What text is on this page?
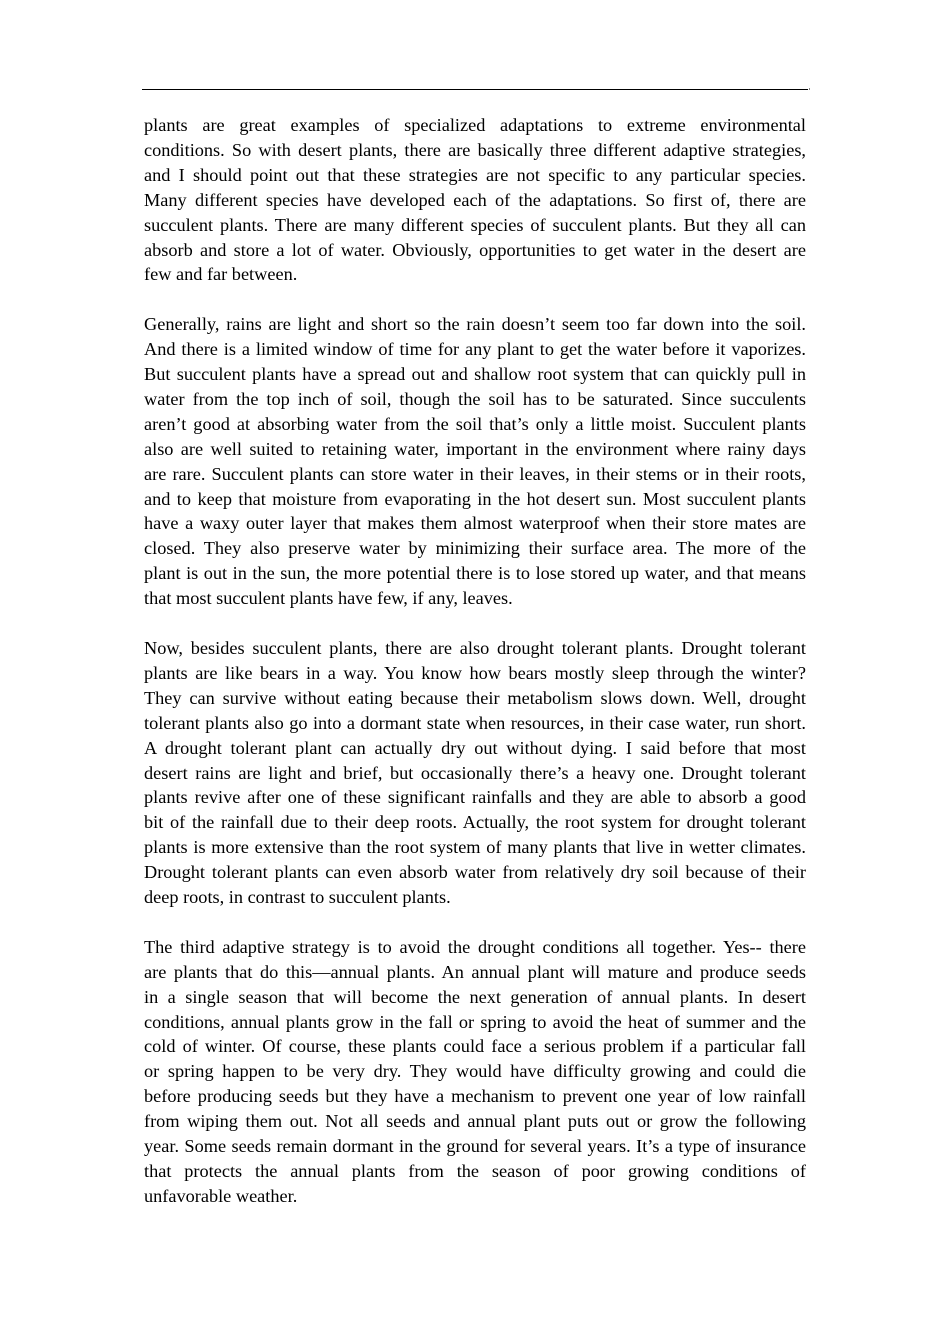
plants are great examples of specialized adaptations to extreme environmental
conditions. So with desert plants, there are basically three different adaptive strategies,
and I should point out that these strategies are not specific to any particular species.
Many different species have developed each of the adaptations. So first of, there are
succulent plants. There are many different species of succulent plants. But they all can
absorb and store a lot of water. Obviously, opportunities to get water in the desert are
few and far between.
Generally, rains are light and short so the rain doesn’t seem too far down into the soil.
And there is a limited window of time for any plant to get the water before it vaporizes.
But succulent plants have a spread out and shallow root system that can quickly pull in
water from the top inch of soil, though the soil has to be saturated. Since succulents
aren’t good at absorbing water from the soil that’s only a little moist. Succulent plants
also are well suited to retaining water, important in the environment where rainy days
are rare. Succulent plants can store water in their leaves, in their stems or in their roots,
and to keep that moisture from evaporating in the hot desert sun. Most succulent plants
have a waxy outer layer that makes them almost waterproof when their store mates are
closed. They also preserve water by minimizing their surface area. The more of the
plant is out in the sun, the more potential there is to lose stored up water, and that means
that most succulent plants have few, if any, leaves.
Now, besides succulent plants, there are also drought tolerant plants. Drought tolerant
plants are like bears in a way. You know how bears mostly sleep through the winter?
They can survive without eating because their metabolism slows down. Well, drought
tolerant plants also go into a dormant state when resources, in their case water, run short.
A drought tolerant plant can actually dry out without dying. I said before that most
desert rains are light and brief, but occasionally there’s a heavy one. Drought tolerant
plants revive after one of these significant rainfalls and they are able to absorb a good
bit of the rainfall due to their deep roots. Actually, the root system for drought tolerant
plants is more extensive than the root system of many plants that live in wetter climates.
Drought tolerant plants can even absorb water from relatively dry soil because of their
deep roots, in contrast to succulent plants.
The third adaptive strategy is to avoid the drought conditions all together. Yes-- there
are plants that do this—annual plants. An annual plant will mature and produce seeds
in a single season that will become the next generation of annual plants. In desert
conditions, annual plants grow in the fall or spring to avoid the heat of summer and the
cold of winter. Of course, these plants could face a serious problem if a particular fall
or spring happen to be very dry. They would have difficulty growing and could die
before producing seeds but they have a mechanism to prevent one year of low rainfall
from wiping them out. Not all seeds and annual plant puts out or grow the following
year. Some seeds remain dormant in the ground for several years. It’s a type of insurance
that protects the annual plants from the season of poor growing conditions of
unfavorable weather.
